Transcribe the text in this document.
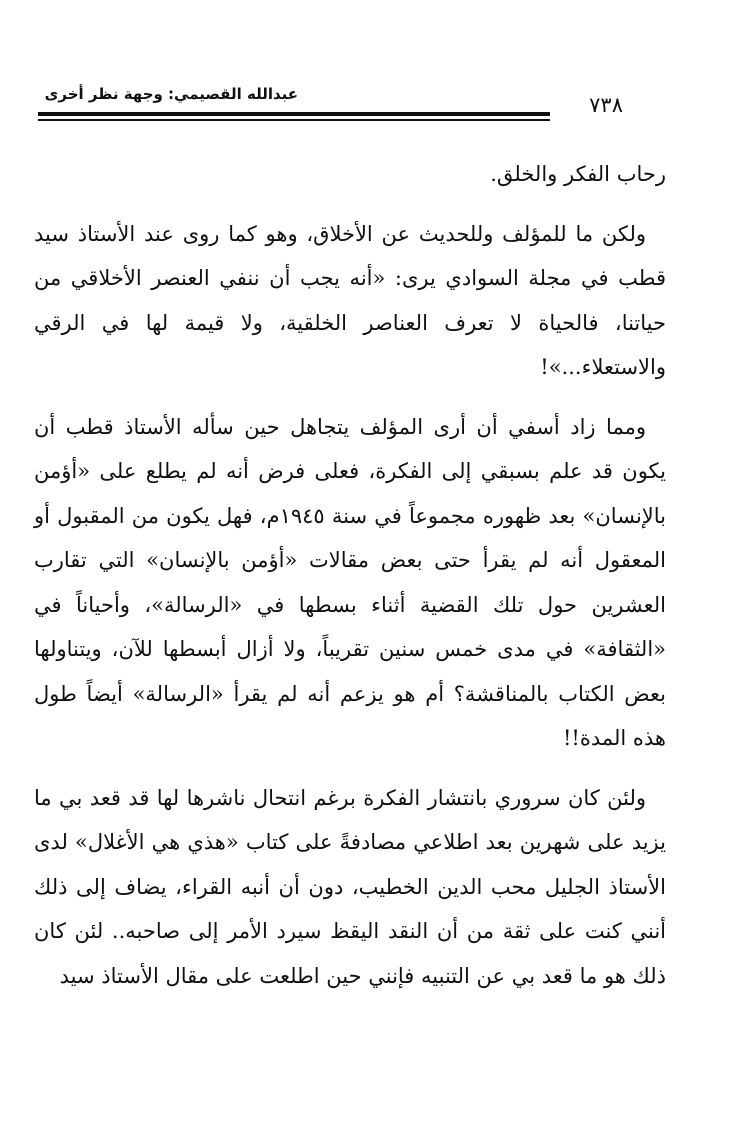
عبدالله القصيمي: وجهة نظر أخرى	٧٣٨

رحاب الفكر والخلق.

ولكن ما للمؤلف وللحديث عن الأخلاق، وهو كما روى عند الأستاذ سيد قطب في مجلة السوادي يرى: «أنه يجب أن ننفي العنصر الأخلاقي من حياتنا، فالحياة لا تعرف العناصر الخلقية، ولا قيمة لها في الرقي والاستعلاء...»!

ومما زاد أسفي أن أرى المؤلف يتجاهل حين سأله الأستاذ قطب أن يكون قد علم بسبقي إلى الفكرة، فعلى فرض أنه لم يطلع على «أؤمن بالإنسان» بعد ظهوره مجموعاً في سنة ١٩٤٥م، فهل يكون من المقبول أو المعقول أنه لم يقرأ حتى بعض مقالات «أؤمن بالإنسان» التي تقارب العشرين حول تلك القضية أثناء بسطها في «الرسالة»، وأحياناً في «الثقافة» في مدى خمس سنين تقريباً، ولا أزال أبسطها للآن، ويتناولها بعض الكتاب بالمناقشة؟ أم هو يزعم أنه لم يقرأ «الرسالة» أيضاً طول هذه المدة!!

ولئن كان سروري بانتشار الفكرة برغم انتحال ناشرها لها قد قعد بي ما يزيد على شهرين بعد اطلاعي مصادفةً على كتاب «هذي هي الأغلال» لدى الأستاذ الجليل محب الدين الخطيب، دون أن أنبه القراء، يضاف إلى ذلك أنني كنت على ثقة من أن النقد اليقظ سيرد الأمر إلى صاحبه.. لئن كان ذلك هو ما قعد بي عن التنبيه فإنني حين اطلعت على مقال الأستاذ سيد
